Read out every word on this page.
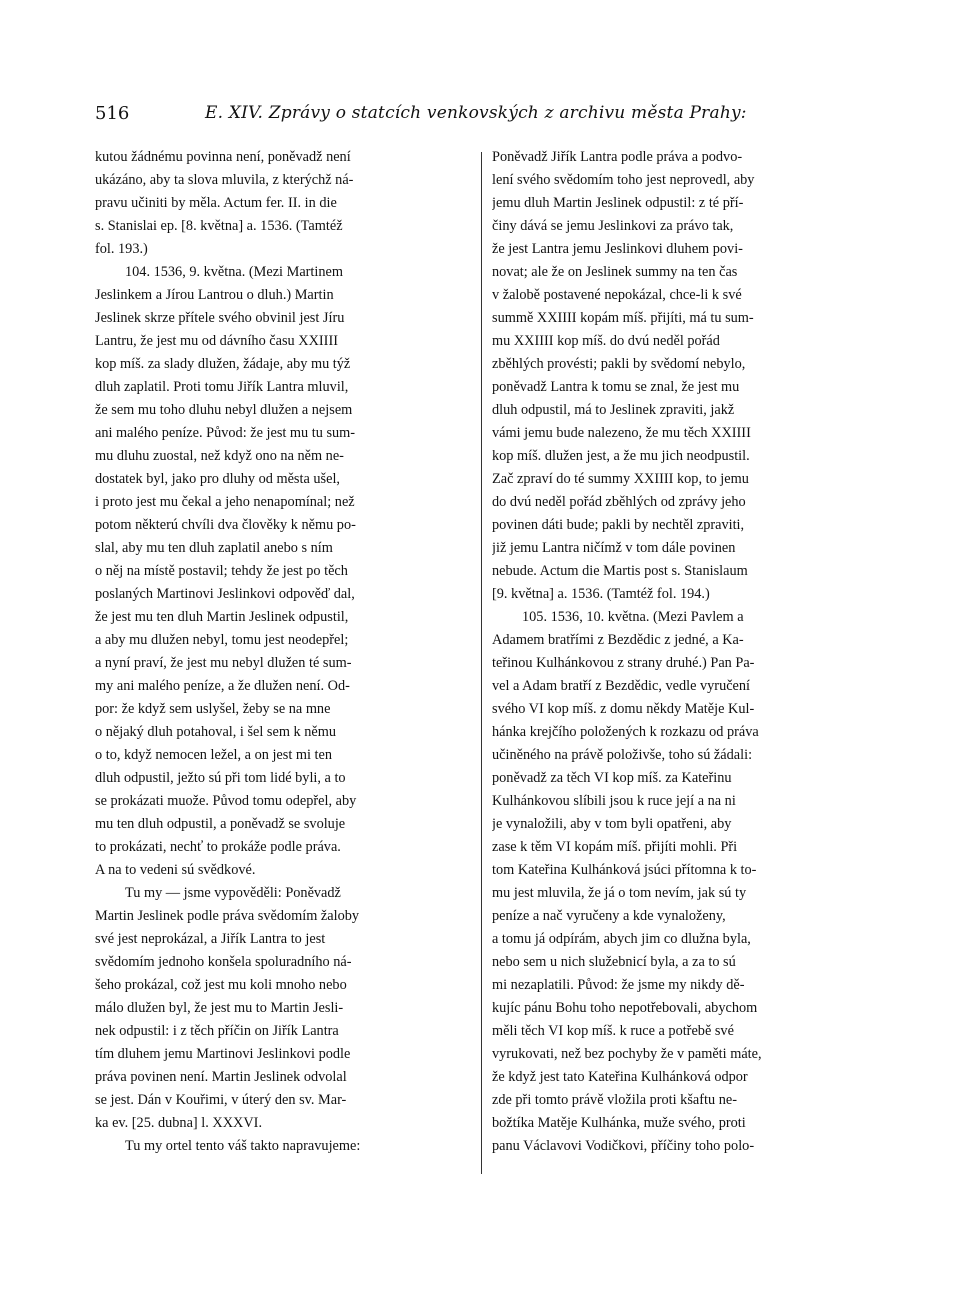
516	E. XIV. Zprávy o statcích venkovských z archivu města Prahy:
kutou žádnému povinna není, poněvadž není
ukázáno, aby ta slova mluvila, z kterýchž ná-
pravu učiniti by měla. Actum fer. II. in die
s. Stanislai ep. [8. května] a. 1536. (Tamtéž
fol. 193.)
104. 1536, 9. května. (Mezi Martinem
Jeslinkem a Jírou Lantrou o dluh.) Martin
Jeslinek skrze přítele svého obvinil jest Jíru
Lantru, že jest mu od dávního času XXIIII
kop míš. za slady dlužen, žádaje, aby mu týž
dluh zaplatil. Proti tomu Jiřík Lantra mluvil,
že sem mu toho dluhu nebyl dlužen a nejsem
ani malého peníze. Původ: že jest mu tu sum-
mu dluhu zuostal, než když ono na něm ne-
dostatek byl, jako pro dluhy od města ušel,
i proto jest mu čekal a jeho nenapomínal; než
potom některú chvíli dva člověky k němu po-
slal, aby mu ten dluh zaplatil anebo s ním
o něj na místě postavil; tehdy že jest po těch
poslaných Martinovi Jeslinkovi odpověď dal,
že jest mu ten dluh Martin Jeslinek odpustil,
a aby mu dlužen nebyl, tomu jest neodepřel;
a nyní praví, že jest mu nebyl dlužen té sum-
my ani malého peníze, a že dlužen není. Od-
por: že když sem uslyšel, žeby se na mne
o nějaký dluh potahoval, i šel sem k němu
o to, když nemocen ležel, a on jest mi ten
dluh odpustil, ježto sú při tom lidé byli, a to
se prokázati muože. Původ tomu odepřel, aby
mu ten dluh odpustil, a poněvadž se svoluje
to prokázati, nechť to prokáže podle práva.
A na to vedeni sú svědkové.
Tu my — jsme vypověděli: Poněvadž
Martin Jeslinek podle práva svědomím žaloby
své jest neprokázal, a Jiřík Lantra to jest
svědomím jednoho konšela spoluradního ná-
šeho prokázal, což jest mu koli mnoho nebo
málo dlužen byl, že jest mu to Martin Jesli-
nek odpustil: i z těch příčin on Jiřík Lantra
tím dluhem jemu Martinovi Jeslinkovi podle
práva povinen není. Martin Jeslinek odvolal
se jest. Dán v Kouřimi, v úterý den sv. Mar-
ka ev. [25. dubna] l. XXXVI.
Tu my ortel tento váš takto napravujeme:
Poněvadž Jiřík Lantra podle práva a podvo-
lení svého svědomím toho jest neprovedl, aby
jemu dluh Martin Jeslinek odpustil: z té pří-
činy dává se jemu Jeslinkovi za právo tak,
že jest Lantra jemu Jeslinkovi dluhem povi-
novat; ale že on Jeslinek summy na ten čas
v žalobě postavené nepokázal, chce-li k své
summě XXIIII kopám míš. přijíti, má tu sum-
mu XXIIII kop míš. do dvú neděl pořád
zběhlých provésti; pakli by svědomí nebylo,
poněvadž Lantra k tomu se znal, že jest mu
dluh odpustil, má to Jeslinek zpraviti, jakž
vámi jemu bude nalezeno, že mu těch XXIIII
kop míš. dlužen jest, a že mu jich neodpustil.
Zač zpraví do té summy XXIIII kop, to jemu
do dvú neděl pořád zběhlých od zprávy jeho
povinen dáti bude; pakli by nechtěl zpraviti,
již jemu Lantra ničímž v tom dále povinen
nebude. Actum die Martis post s. Stanislaum
[9. května] a. 1536. (Tamtéž fol. 194.)
105. 1536, 10. května. (Mezi Pavlem a
Adamem bratřími z Bezdědic z jedné, a Ka-
teřinou Kulhánkovou z strany druhé.) Pan Pa-
vel a Adam bratří z Bezdědic, vedle vyručení
svého VI kop míš. z domu někdy Matěje Kul-
hánka krejčího položených k rozkazu od práva
učiněného na právě položivše, toho sú žádali:
poněvadž za těch VI kop míš. za Kateřinu
Kulhánkovou slíbili jsou k ruce její a na ni
je vynaložili, aby v tom byli opatřeni, aby
zase k těm VI kopám míš. přijíti mohli. Při
tom Kateřina Kulhánková jsúci přítomna k to-
mu jest mluvila, že já o tom nevím, jak sú ty
peníze a nač vyručeny a kde vynaloženy,
a tomu já odpírám, abych jim co dlužna byla,
nebo sem u nich služebnicí byla, a za to sú
mi nezaplatili. Původ: že jsme my nikdy dě-
kujíc pánu Bohu toho nepotřebovali, abychom
měli těch VI kop míš. k ruce a potřebě své
vyrukovati, než bez pochyby že v paměti máte,
že když jest tato Kateřina Kulhánková odpor
zde při tomto právě vložila proti kšaftu ne-
božtíka Matěje Kulhánka, muže svého, proti
panu Václavovi Vodičkovi, příčiny toho polo-
